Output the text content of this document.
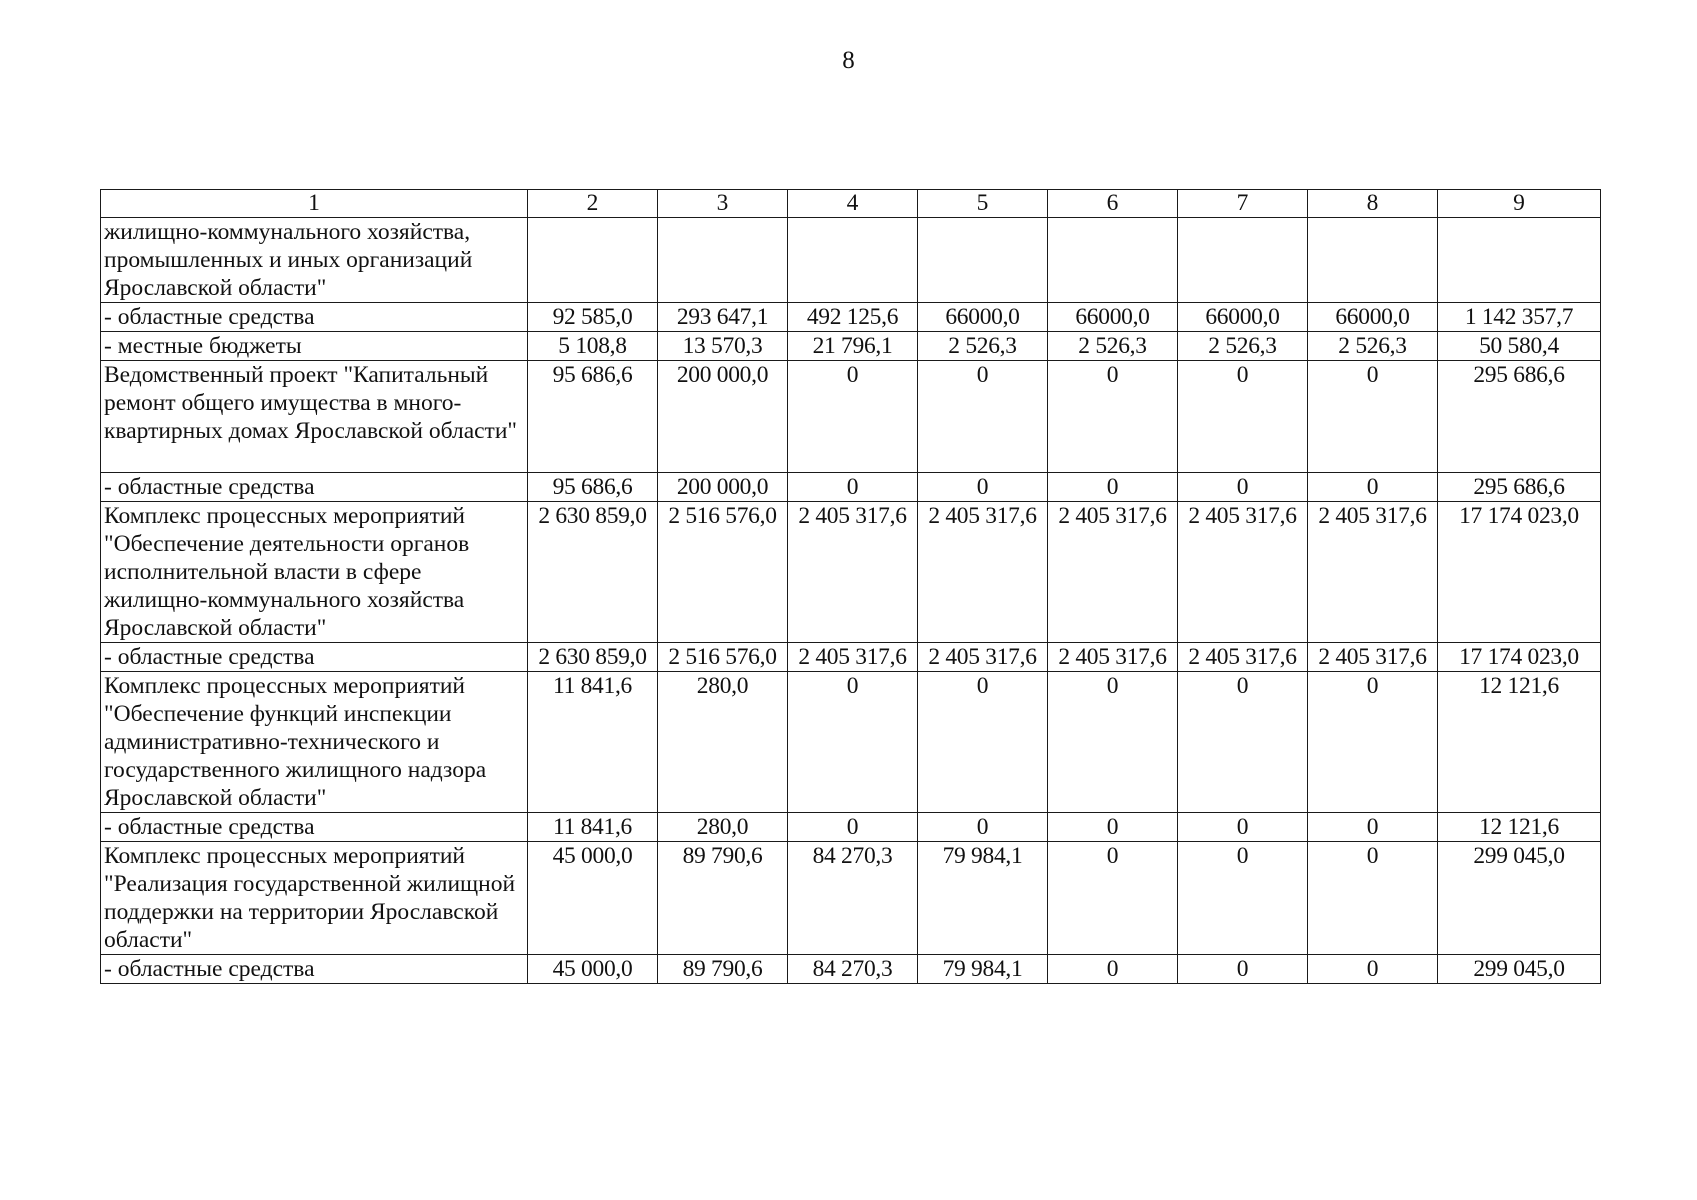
8
1	2	3	4	5	6	7	8	9
жилищно-коммунального хозяйства, промышленных и иных организаций Ярославской области"								
- областные средства	92 585,0	293 647,1	492 125,6	66000,0	66000,0	66000,0	66000,0	1 142 357,7
- местные бюджеты	5 108,8	13 570,3	21 796,1	2 526,3	2 526,3	2 526,3	2 526,3	50 580,4
Ведомственный проект "Капитальный ремонт общего имущества в много-квартирных домах Ярославской области"	95 686,6	200 000,0	0	0	0	0	0	295 686,6
- областные средства	95 686,6	200 000,0	0	0	0	0	0	295 686,6
Комплекс процессных мероприятий "Обеспечение деятельности органов исполнительной власти в сфере жилищно-коммунального хозяйства Ярославской области"	2 630 859,0	2 516 576,0	2 405 317,6	2 405 317,6	2 405 317,6	2 405 317,6	2 405 317,6	17 174 023,0
- областные средства	2 630 859,0	2 516 576,0	2 405 317,6	2 405 317,6	2 405 317,6	2 405 317,6	2 405 317,6	17 174 023,0
Комплекс процессных мероприятий "Обеспечение функций инспекции административно-технического и государственного жилищного надзора Ярославской области"	11 841,6	280,0	0	0	0	0	0	12 121,6
- областные средства	11 841,6	280,0	0	0	0	0	0	12 121,6
Комплекс процессных мероприятий "Реализация государственной жилищной поддержки на территории Ярославской области"	45 000,0	89 790,6	84 270,3	79 984,1	0	0	0	299 045,0
- областные средства	45 000,0	89 790,6	84 270,3	79 984,1	0	0	0	299 045,0
